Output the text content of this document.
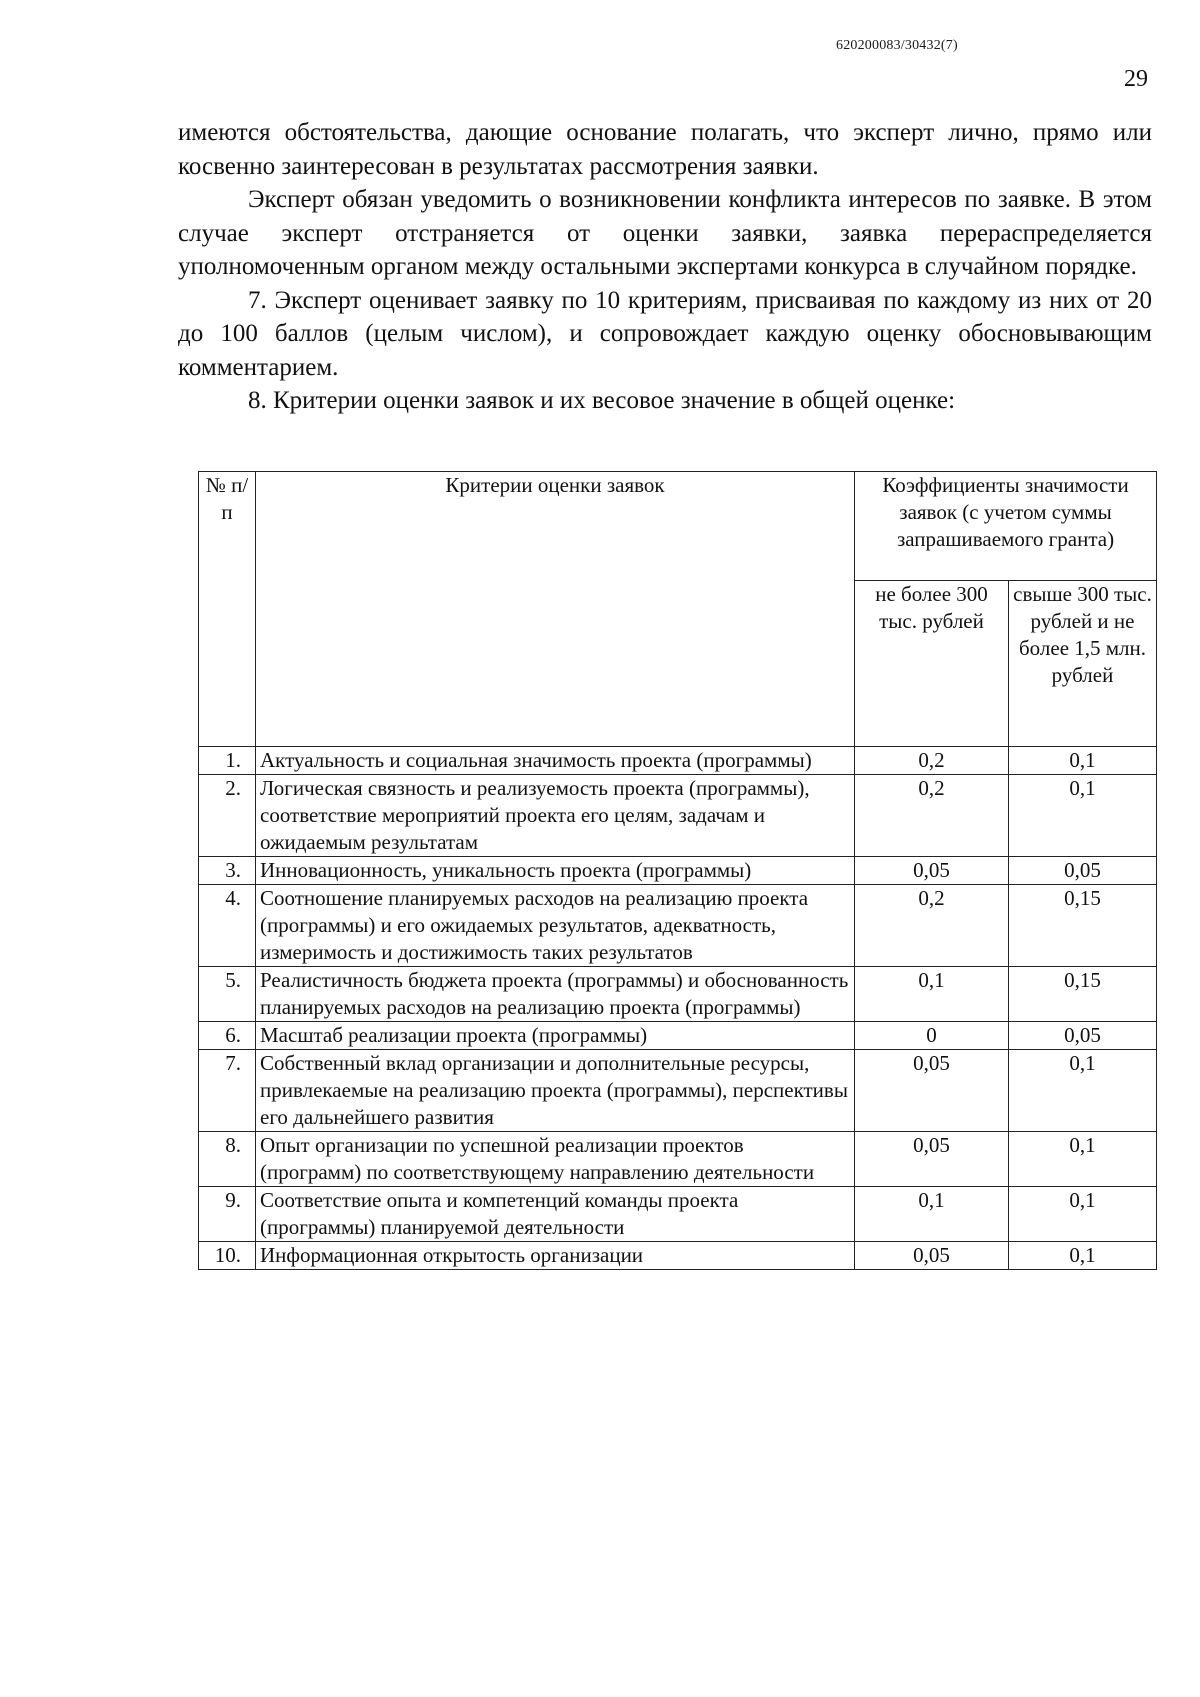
620200083/30432(7)
29

имеются обстоятельства, дающие основание полагать, что эксперт лично, прямо или косвенно заинтересован в результатах рассмотрения заявки.

Эксперт обязан уведомить о возникновении конфликта интересов по заявке. В этом случае эксперт отстраняется от оценки заявки, заявка перераспределяется уполномоченным органом между остальными экспертами конкурса в случайном порядке.

7. Эксперт оценивает заявку по 10 критериям, присваивая по каждому из них от 20 до 100 баллов (целым числом), и сопровождает каждую оценку обосновывающим комментарием.

8. Критерии оценки заявок и их весовое значение в общей оценке:

№ п/п	Критерии оценки заявок	Коэффициенты значимости заявок (с учетом суммы запрашиваемого гранта)	
		не более 300 тыс. рублей	свыше 300 тыс. рублей и не более 1,5 млн. рублей
1.	Актуальность и социальная значимость проекта (программы)	0,2	0,1
2.	Логическая связность и реализуемость проекта (программы), соответствие мероприятий проекта его целям, задачам и ожидаемым результатам	0,2	0,1
3.	Инновационность, уникальность проекта (программы)	0,05	0,05
4.	Соотношение планируемых расходов на реализацию проекта (программы) и его ожидаемых результатов, адекватность, измеримость и достижимость таких результатов	0,2	0,15
5.	Реалистичность бюджета проекта (программы) и обоснованность планируемых расходов на реализацию проекта (программы)	0,1	0,15
6.	Масштаб реализации проекта (программы)	0	0,05
7.	Собственный вклад организации и дополнительные ресурсы, привлекаемые на реализацию проекта (программы), перспективы его дальнейшего развития	0,05	0,1
8.	Опыт организации по успешной реализации проектов (программ) по соответствующему направлению деятельности	0,05	0,1
9.	Соответствие опыта и компетенций команды проекта (программы) планируемой деятельности	0,1	0,1
10.	Информационная открытость организации	0,05	0,1
